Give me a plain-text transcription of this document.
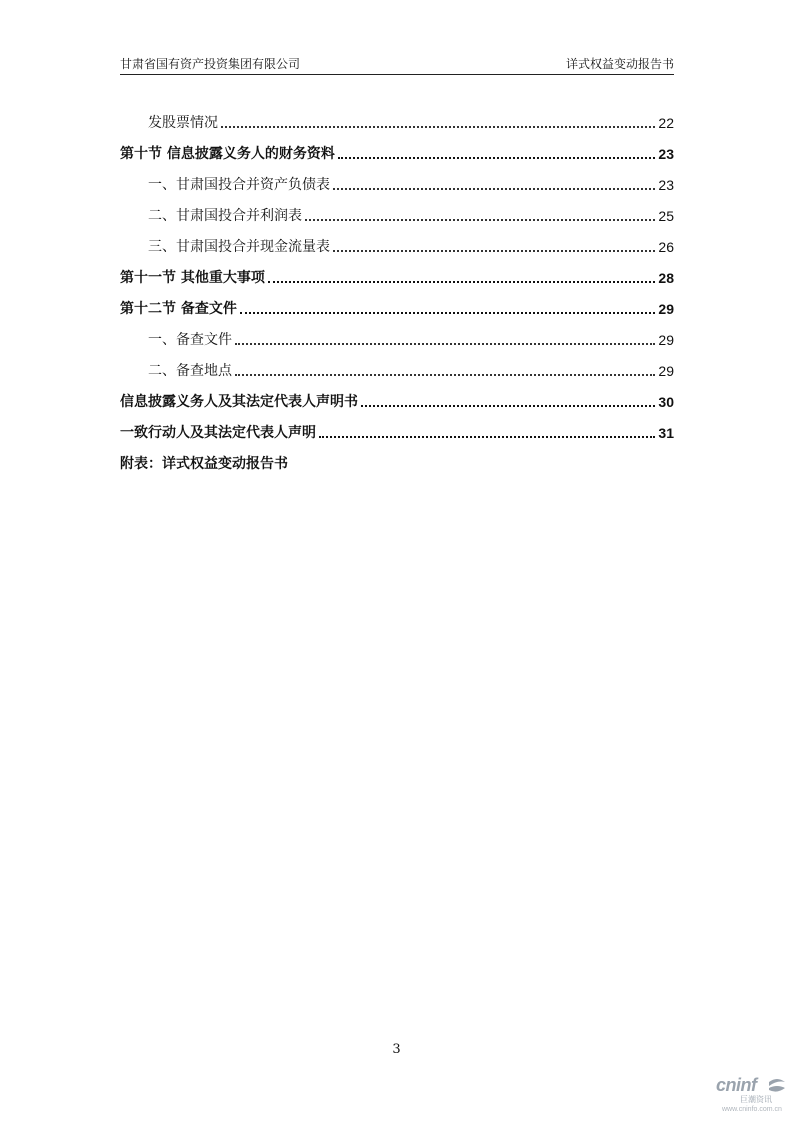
甘肃省国有资产投资集团有限公司	详式权益变动报告书
发股票情况	22
第十节 信息披露义务人的财务资料	23
一、甘肃国投合并资产负债表	23
二、甘肃国投合并利润表	25
三、甘肃国投合并现金流量表	26
第十一节 其他重大事项	28
第十二节 备查文件	29
一、备查文件	29
二、备查地点	29
信息披露义务人及其法定代表人声明书	30
一致行动人及其法定代表人声明	31
附表：详式权益变动报告书
3
cninf
巨潮资讯
www.cninfo.com.cn
